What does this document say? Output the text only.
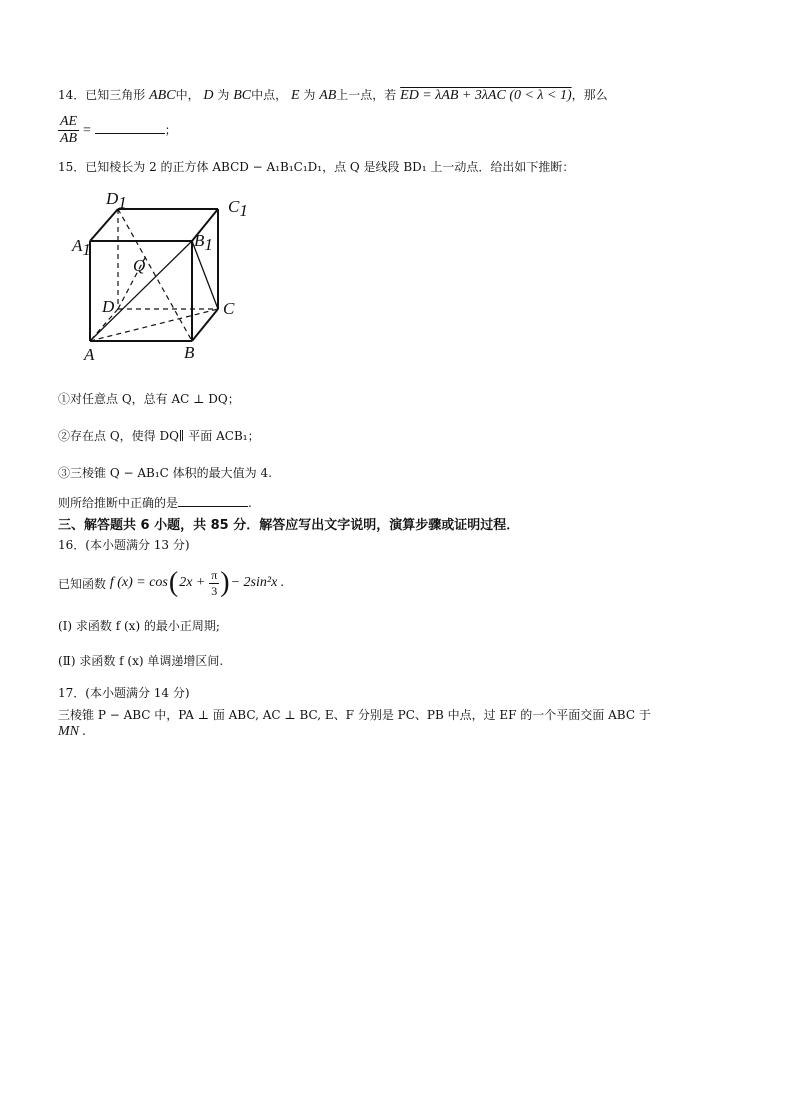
14．已知三角形 ABC中， D 为 BC中点， E 为 AB上一点，若 ED = λAB + 3λAC (0 < λ < 1)，那么
$\frac{AE}{AB}$ =	；
15．已知棱长为 2 的正方体 ABCD − A₁B₁C₁D₁，点 Q 是线段 BD₁ 上一动点．给出如下推断：
D1	C1
A1	B1
Q
D	C
A	B
①对任意点 Q，总有 AC ⊥ DQ；
②存在点 Q，使得 DQ∥ 平面 ACB₁；
③三棱锥 Q − AB₁C 体积的最大值为 4.
则所给推断中正确的是	.
三、解答题共 6 小题，共 85 分．解答应写出文字说明，演算步骤或证明过程．
16．(本小题满分 13 分)
已知函数
f (x) = cos ( 2x +
$\frac{\pi}{3}$ ) − 2sin²x .
(Ⅰ) 求函数 f (x) 的最小正周期;
(Ⅱ) 求函数 f (x) 单调递增区间.
17．(本小题满分 14 分)
三棱锥 P − ABC 中，PA ⊥ 面 ABC, AC ⊥ BC, E、F 分别是 PC、PB 中点，过 EF 的一个平面交面 ABC 于
MN .
